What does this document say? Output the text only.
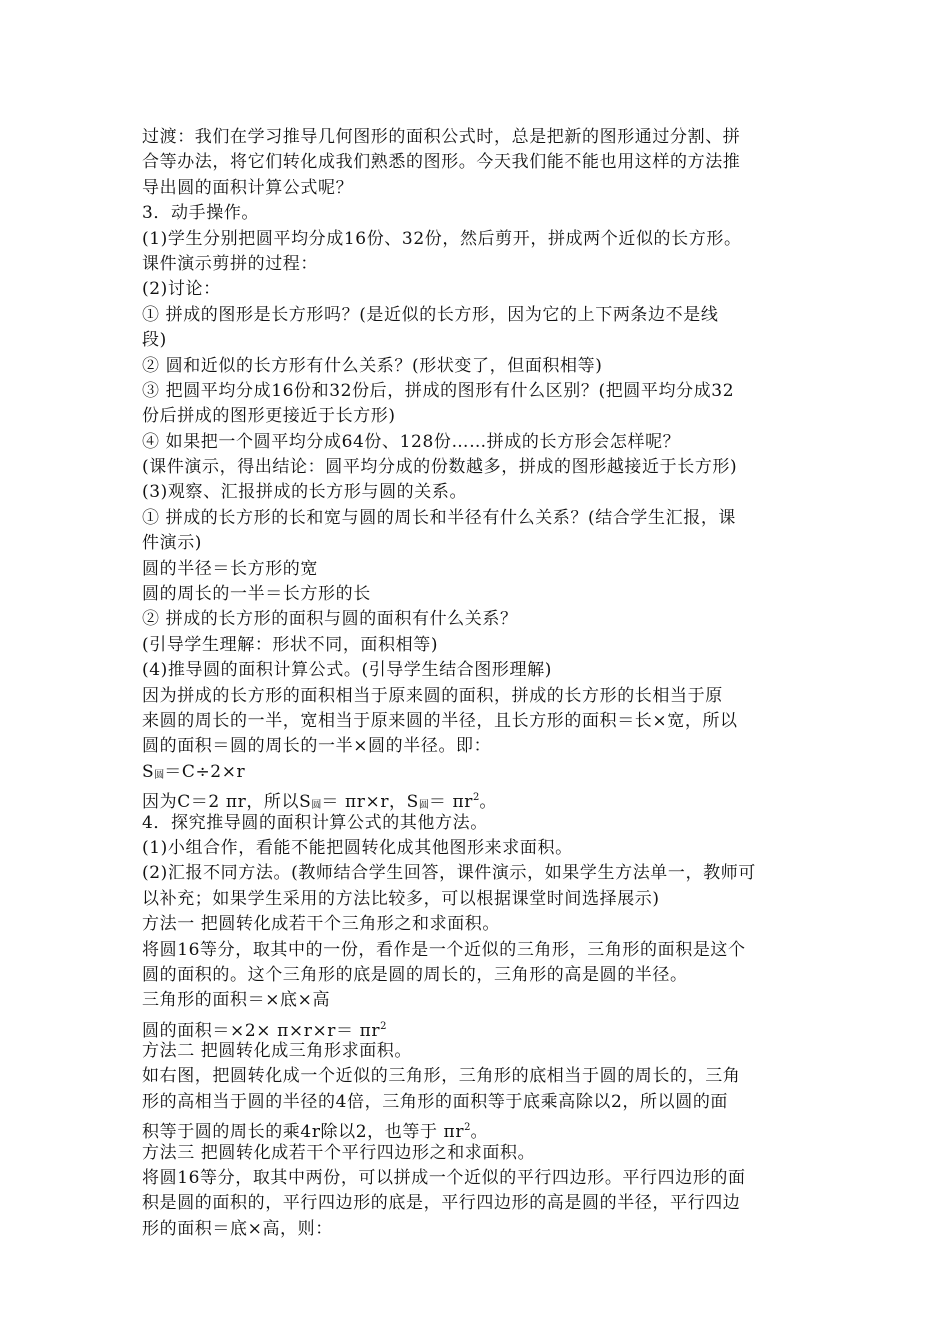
过渡：我们在学习推导几何图形的面积公式时，总是把新的图形通过分割、拼
合等办法，将它们转化成我们熟悉的图形。今天我们能不能也用这样的方法推
导出圆的面积计算公式呢？
3．动手操作。
(1)学生分别把圆平均分成16份、32份，然后剪开，拼成两个近似的长方形。
课件演示剪拼的过程：
(2)讨论：
① 拼成的图形是长方形吗？(是近似的长方形，因为它的上下两条边不是线
段)
② 圆和近似的长方形有什么关系？(形状变了，但面积相等)
③ 把圆平均分成16份和32份后，拼成的图形有什么区别？(把圆平均分成32
份后拼成的图形更接近于长方形)
④ 如果把一个圆平均分成64份、128份……拼成的长方形会怎样呢？
(课件演示，得出结论：圆平均分成的份数越多，拼成的图形越接近于长方形)
(3)观察、汇报拼成的长方形与圆的关系。
① 拼成的长方形的长和宽与圆的周长和半径有什么关系？(结合学生汇报，课
件演示)
圆的半径＝长方形的宽
圆的周长的一半＝长方形的长
② 拼成的长方形的面积与圆的面积有什么关系？
(引导学生理解：形状不同，面积相等)
(4)推导圆的面积计算公式。(引导学生结合图形理解)
因为拼成的长方形的面积相当于原来圆的面积，拼成的长方形的长相当于原
来圆的周长的一半，宽相当于原来圆的半径，且长方形的面积＝长×宽，所以
圆的面积＝圆的周长的一半×圆的半径。即：
S圆＝C÷2×r
因为C＝2 πr，所以S圆＝ πr×r，S圆＝ $\pi r^2$。
4．探究推导圆的面积计算公式的其他方法。
(1)小组合作，看能不能把圆转化成其他图形来求面积。
(2)汇报不同方法。(教师结合学生回答，课件演示，如果学生方法单一，教师可
以补充；如果学生采用的方法比较多，可以根据课堂时间选择展示)
方法一 把圆转化成若干个三角形之和求面积。
将圆16等分，取其中的一份，看作是一个近似的三角形，三角形的面积是这个
圆的面积的。这个三角形的底是圆的周长的，三角形的高是圆的半径。
三角形的面积＝×底×高
圆的面积$=\times 2\times \pi\times r\times r= \pi r^2$
方法二 把圆转化成三角形求面积。
如右图，把圆转化成一个近似的三角形，三角形的底相当于圆的周长的，三角
形的高相当于圆的半径的4倍，三角形的面积等于底乘高除以2，所以圆的面
积等于圆的周长的乘4r除以2，也等于 $\pi r^2$。
方法三 把圆转化成若干个平行四边形之和求面积。
将圆16等分，取其中两份，可以拼成一个近似的平行四边形。平行四边形的面
积是圆的面积的，平行四边形的底是，平行四边形的高是圆的半径，平行四边
形的面积＝底×高，则：
